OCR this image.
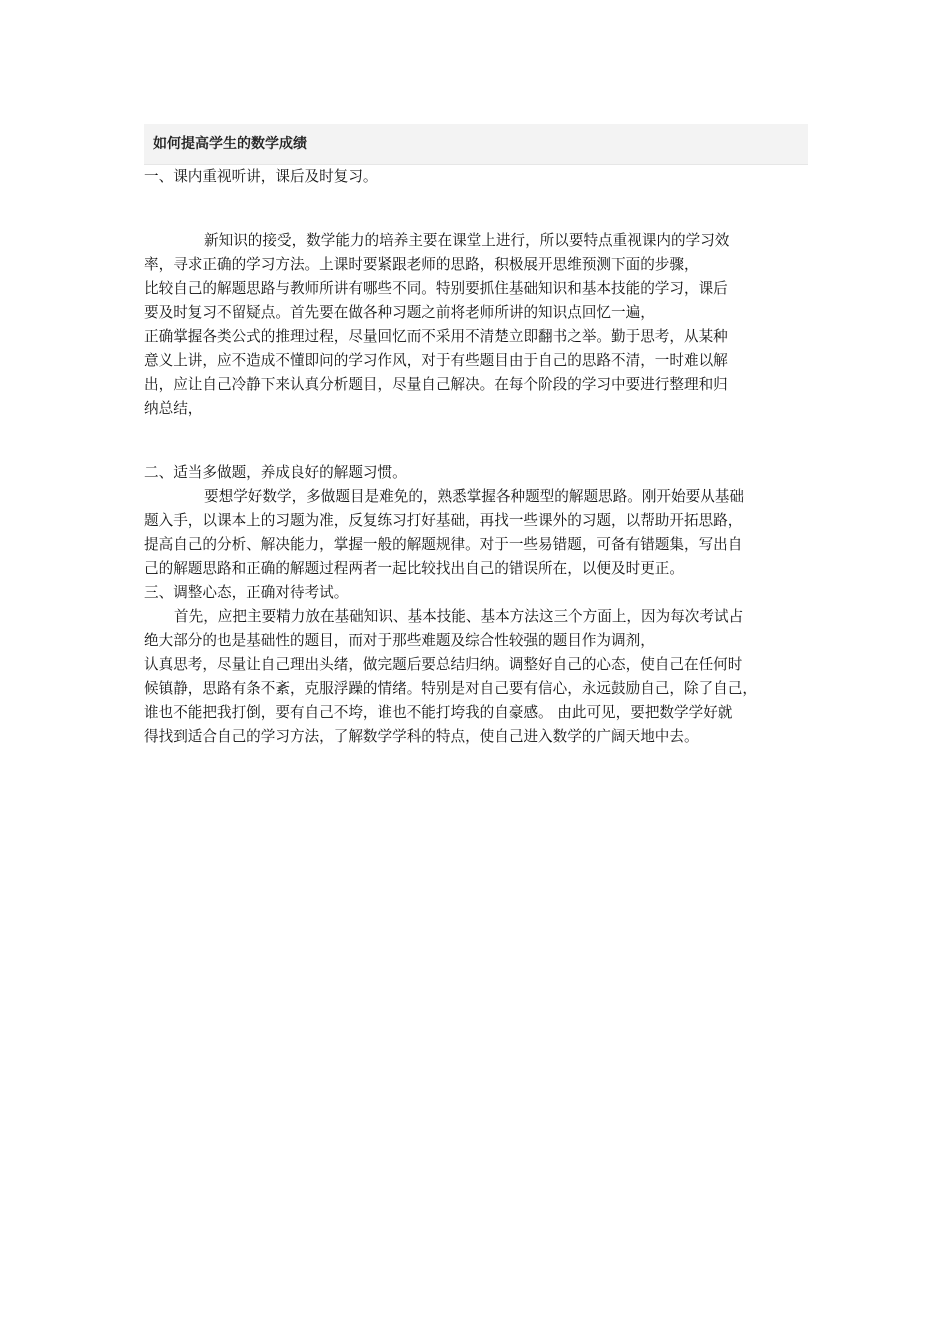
如何提高学生的数学成绩
一、课内重视听讲，课后及时复习。
新知识的接受，数学能力的培养主要在课堂上进行，所以要特点重视课内的学习效
率，寻求正确的学习方法。上课时要紧跟老师的思路，积极展开思维预测下面的步骤，
比较自己的解题思路与教师所讲有哪些不同。特别要抓住基础知识和基本技能的学习，课后
要及时复习不留疑点。首先要在做各种习题之前将老师所讲的知识点回忆一遍，
正确掌握各类公式的推理过程，尽量回忆而不采用不清楚立即翻书之举。勤于思考，从某种
意义上讲，应不造成不懂即问的学习作风，对于有些题目由于自己的思路不清，一时难以解
出，应让自己冷静下来认真分析题目，尽量自己解决。在每个阶段的学习中要进行整理和归
纳总结，
二、适当多做题，养成良好的解题习惯。
要想学好数学，多做题目是难免的，熟悉掌握各种题型的解题思路。刚开始要从基础
题入手，以课本上的习题为准，反复练习打好基础，再找一些课外的习题，以帮助开拓思路，
提高自己的分析、解决能力，掌握一般的解题规律。对于一些易错题，可备有错题集，写出自
己的解题思路和正确的解题过程两者一起比较找出自己的错误所在，以便及时更正。
三、调整心态，正确对待考试。
首先，应把主要精力放在基础知识、基本技能、基本方法这三个方面上，因为每次考试占
绝大部分的也是基础性的题目，而对于那些难题及综合性较强的题目作为调剂，
认真思考，尽量让自己理出头绪，做完题后要总结归纳。调整好自己的心态，使自己在任何时
候镇静，思路有条不紊，克服浮躁的情绪。特别是对自己要有信心，永远鼓励自己，除了自己，
谁也不能把我打倒，要有自己不垮，谁也不能打垮我的自豪感。 由此可见，要把数学学好就
得找到适合自己的学习方法，了解数学学科的特点，使自己进入数学的广阔天地中去。
